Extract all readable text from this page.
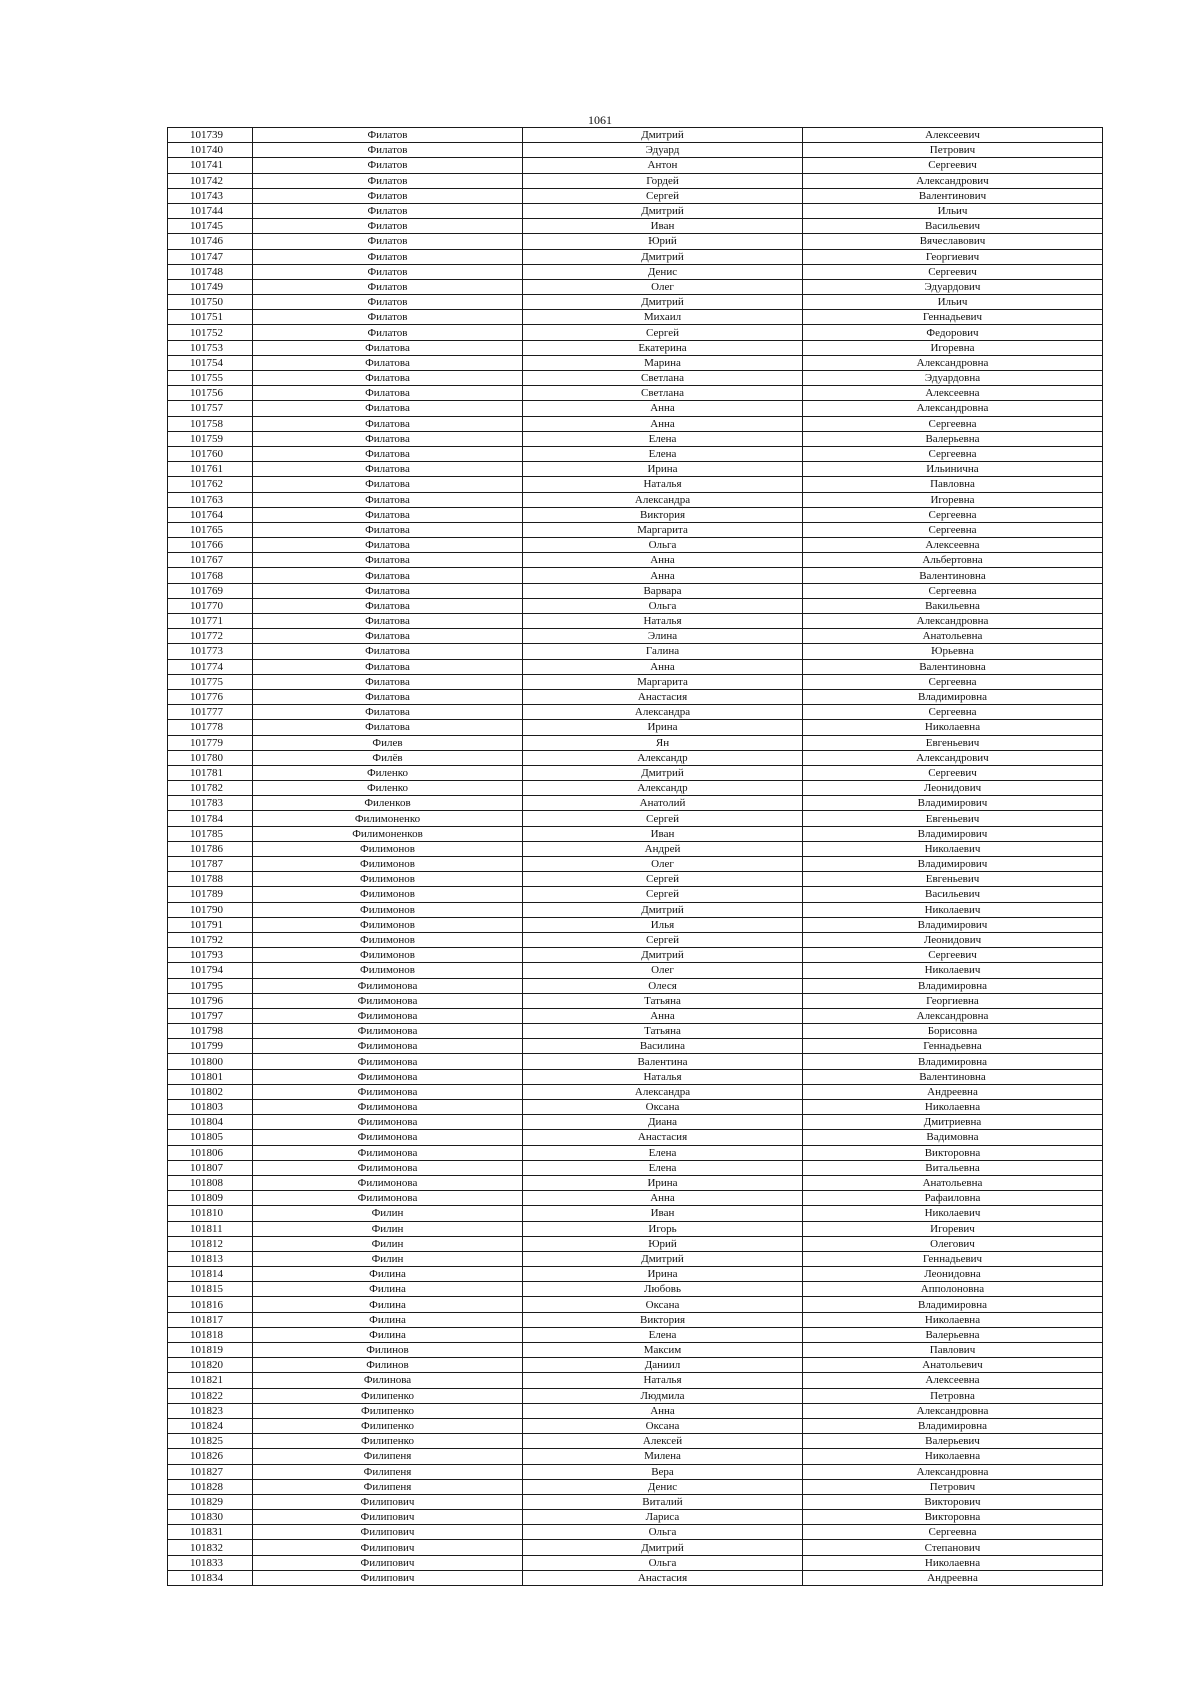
1061
101739	Филатов	Дмитрий	Алексеевич
101740	Филатов	Эдуард	Петрович
101741	Филатов	Антон	Сергеевич
101742	Филатов	Гордей	Александрович
101743	Филатов	Сергей	Валентинович
101744	Филатов	Дмитрий	Ильич
101745	Филатов	Иван	Васильевич
101746	Филатов	Юрий	Вячеславович
101747	Филатов	Дмитрий	Георгиевич
101748	Филатов	Денис	Сергеевич
101749	Филатов	Олег	Эдуардович
101750	Филатов	Дмитрий	Ильич
101751	Филатов	Михаил	Геннадьевич
101752	Филатов	Сергей	Федорович
101753	Филатова	Екатерина	Игоревна
101754	Филатова	Марина	Александровна
101755	Филатова	Светлана	Эдуардовна
101756	Филатова	Светлана	Алексеевна
101757	Филатова	Анна	Александровна
101758	Филатова	Анна	Сергеевна
101759	Филатова	Елена	Валерьевна
101760	Филатова	Елена	Сергеевна
101761	Филатова	Ирина	Ильинична
101762	Филатова	Наталья	Павловна
101763	Филатова	Александра	Игоревна
101764	Филатова	Виктория	Сергеевна
101765	Филатова	Маргарита	Сергеевна
101766	Филатова	Ольга	Алексеевна
101767	Филатова	Анна	Альбертовна
101768	Филатова	Анна	Валентиновна
101769	Филатова	Варвара	Сергеевна
101770	Филатова	Ольга	Вакильевна
101771	Филатова	Наталья	Александровна
101772	Филатова	Элина	Анатольевна
101773	Филатова	Галина	Юрьевна
101774	Филатова	Анна	Валентиновна
101775	Филатова	Маргарита	Сергеевна
101776	Филатова	Анастасия	Владимировна
101777	Филатова	Александра	Сергеевна
101778	Филатова	Ирина	Николаевна
101779	Филев	Ян	Евгеньевич
101780	Филёв	Александр	Александрович
101781	Филенко	Дмитрий	Сергеевич
101782	Филенко	Александр	Леонидович
101783	Филенков	Анатолий	Владимирович
101784	Филимоненко	Сергей	Евгеньевич
101785	Филимоненков	Иван	Владимирович
101786	Филимонов	Андрей	Николаевич
101787	Филимонов	Олег	Владимирович
101788	Филимонов	Сергей	Евгеньевич
101789	Филимонов	Сергей	Васильевич
101790	Филимонов	Дмитрий	Николаевич
101791	Филимонов	Илья	Владимирович
101792	Филимонов	Сергей	Леонидович
101793	Филимонов	Дмитрий	Сергеевич
101794	Филимонов	Олег	Николаевич
101795	Филимонова	Олеся	Владимировна
101796	Филимонова	Татьяна	Георгиевна
101797	Филимонова	Анна	Александровна
101798	Филимонова	Татьяна	Борисовна
101799	Филимонова	Василина	Геннадьевна
101800	Филимонова	Валентина	Владимировна
101801	Филимонова	Наталья	Валентиновна
101802	Филимонова	Александра	Андреевна
101803	Филимонова	Оксана	Николаевна
101804	Филимонова	Диана	Дмитриевна
101805	Филимонова	Анастасия	Вадимовна
101806	Филимонова	Елена	Викторовна
101807	Филимонова	Елена	Витальевна
101808	Филимонова	Ирина	Анатольевна
101809	Филимонова	Анна	Рафаиловна
101810	Филин	Иван	Николаевич
101811	Филин	Игорь	Игоревич
101812	Филин	Юрий	Олегович
101813	Филин	Дмитрий	Геннадьевич
101814	Филина	Ирина	Леонидовна
101815	Филина	Любовь	Апполоновна
101816	Филина	Оксана	Владимировна
101817	Филина	Виктория	Николаевна
101818	Филина	Елена	Валерьевна
101819	Филинов	Максим	Павлович
101820	Филинов	Даниил	Анатольевич
101821	Филинова	Наталья	Алексеевна
101822	Филипенко	Людмила	Петровна
101823	Филипенко	Анна	Александровна
101824	Филипенко	Оксана	Владимировна
101825	Филипенко	Алексей	Валерьевич
101826	Филипеня	Милена	Николаевна
101827	Филипеня	Вера	Александровна
101828	Филипеня	Денис	Петрович
101829	Филипович	Виталий	Викторович
101830	Филипович	Лариса	Викторовна
101831	Филипович	Ольга	Сергеевна
101832	Филипович	Дмитрий	Степанович
101833	Филипович	Ольга	Николаевна
101834	Филипович	Анастасия	Андреевна
